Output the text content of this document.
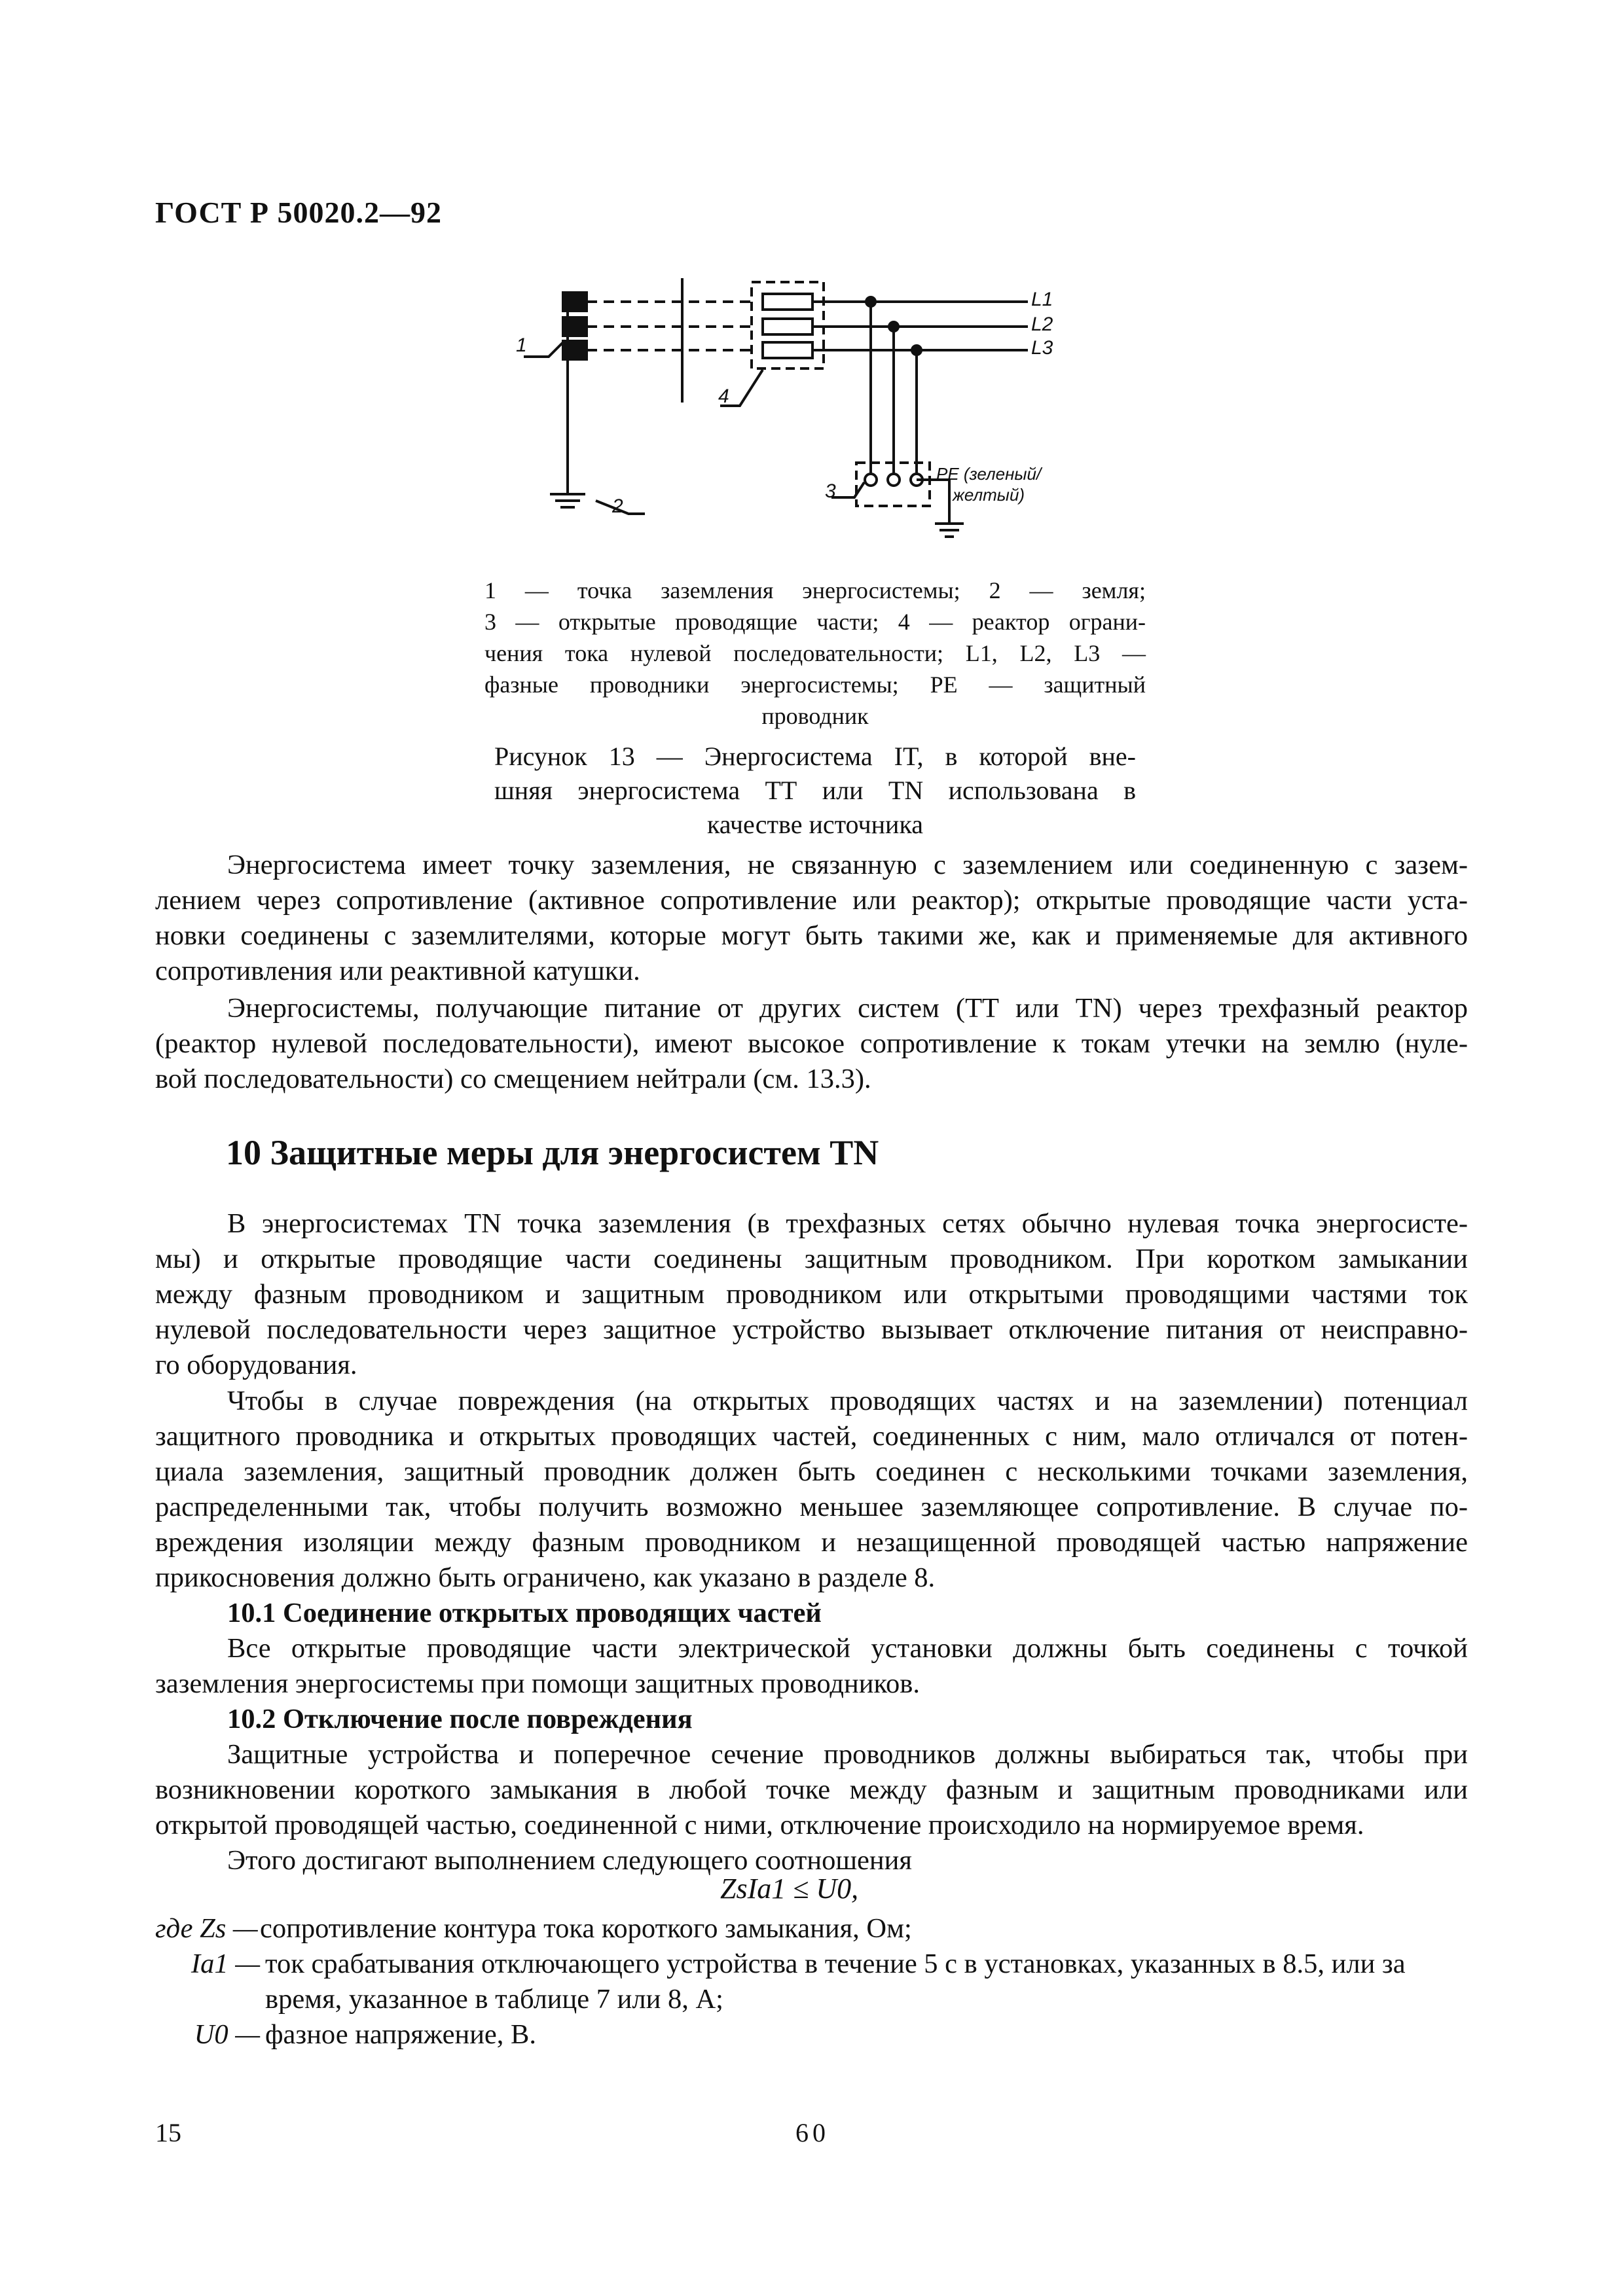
ГОСТ Р 50020.2—92
1
2
3
4
L1
L2
L3
PE (зеленый/
желтый)
1 — точка заземления энергосистемы; 2 — земля;
3 — открытые проводящие части; 4 — реактор ограни-
чения тока нулевой последовательности; L1, L2, L3 —
фазные проводники энергосистемы; PE — защитный
проводник
Рисунок 13 — Энергосистема IT, в которой вне-
шняя энергосистема ТТ или TN использована в
качестве источника
Энергосистема имеет точку заземления, не связанную с заземлением или соединенную с зазем-
лением через сопротивление (активное сопротивление или реактор); открытые проводящие части уста-
новки соединены с заземлителями, которые могут быть такими же, как и применяемые для активного
сопротивления или реактивной катушки.
Энергосистемы, получающие питание от других систем (ТТ или TN) через трехфазный реактор
(реактор нулевой последовательности), имеют высокое сопротивление к токам утечки на землю (нуле-
вой последовательности) со смещением нейтрали (см. 13.3).
10 Защитные меры для энергосистем TN
В энергосистемах TN точка заземления (в трехфазных сетях обычно нулевая точка энергосисте-
мы) и открытые проводящие части соединены защитным проводником. При коротком замыкании
между фазным проводником и защитным проводником или открытыми проводящими частями ток
нулевой последовательности через защитное устройство вызывает отключение питания от неисправно-
го оборудования.
Чтобы в случае повреждения (на открытых проводящих частях и на заземлении) потенциал
защитного проводника и открытых проводящих частей, соединенных с ним, мало отличался от потен-
циала заземления, защитный проводник должен быть соединен с несколькими точками заземления,
распределенными так, чтобы получить возможно меньшее заземляющее сопротивление. В случае по-
вреждения изоляции между фазным проводником и незащищенной проводящей частью напряжение
прикосновения должно быть ограничено, как указано в разделе 8.
10.1 Соединение открытых проводящих частей
Все открытые проводящие части электрической установки должны быть соединены с точкой
заземления энергосистемы при помощи защитных проводников.
10.2 Отключение после повреждения
Защитные устройства и поперечное сечение проводников должны выбираться так, чтобы при
возникновении короткого замыкания в любой точке между фазным и защитным проводниками или
открытой проводящей частью, соединенной с ними, отключение происходило на нормируемое время.
Этого достигают выполнением следующего соотношения
ZsIa1 ≤ U0,
где Zs — сопротивление контура тока короткого замыкания, Ом;
Ia1 — ток срабатывания отключающего устройства в течение 5 с в установках, указанных в 8.5, или за время, указанное в таблице 7 или 8, А;
U0 — фазное напряжение, В.
15	60
